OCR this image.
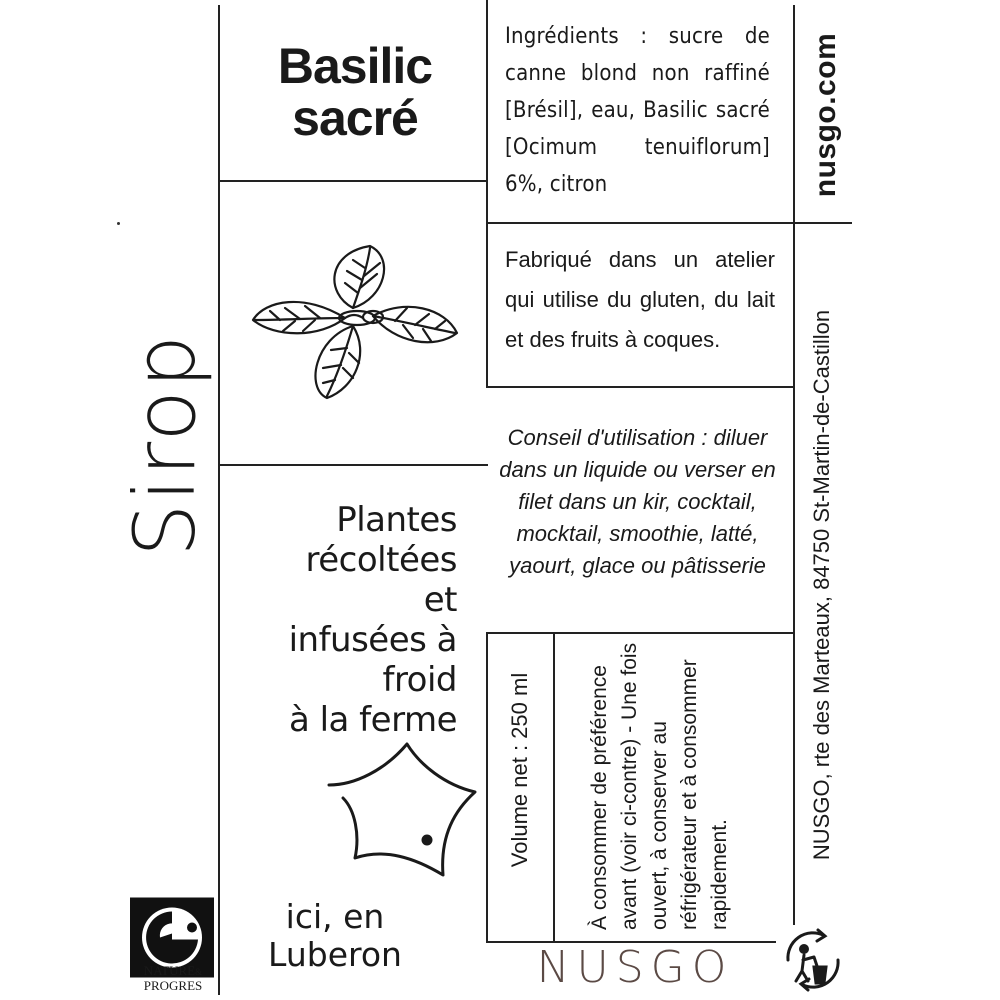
Basilic
sacré
Ingrédients : sucre de canne blond non raffiné [Brésil], eau, Basilic sacré [Ocimum tenuiflorum] 6%, citron	nusgo.com
Fabriqué dans un atelier qui utilise du gluten, du lait et des fruits à coques.
Conseil d'utilisation : diluer dans un liquide ou verser en filet dans un kir, cocktail, mocktail, smoothie, latté, yaourt, glace ou pâtisserie
Sirop	Plantes
récoltées
et
infusées à
froid
à la ferme
ici, en
Luberon
Volume net : 250 ml	À consommer de préférence avant (voir ci-contre) - Une fois ouvert, à conserver au réfrigérateur et à consommer rapidement.
NUSGO, rte des Marteaux, 84750 St-Martin-de-Castillon
NUSGO
NATURE&
PROGRES
